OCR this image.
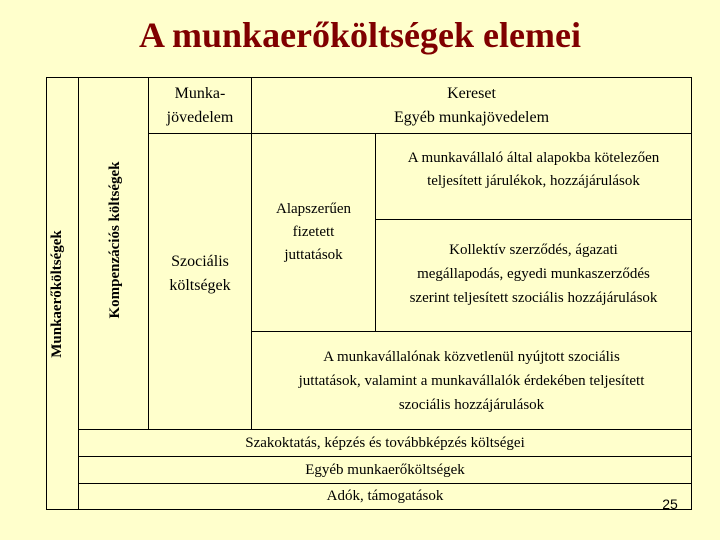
A munkaerőköltségek elemei
Munkaerőköltségek	Kompenzációs költségek
Munka-
jövedelem
Kereset
Egyéb munkajövedelem
Szociális
költségek
Alapszerűen
fizetett
juttatások
A munkavállaló által alapokba kötelezően
teljesített járulékok, hozzájárulások
Kollektív szerződés, ágazati
megállapodás, egyedi munkaszerződés
szerint teljesített szociális hozzájárulások
A munkavállalónak közvetlenül nyújtott szociális
juttatások, valamint a munkavállalók érdekében teljesített
szociális hozzájárulások
Szakoktatás, képzés és továbbképzés költségei
Egyéb munkaerőköltségek
Adók, támogatások	25
